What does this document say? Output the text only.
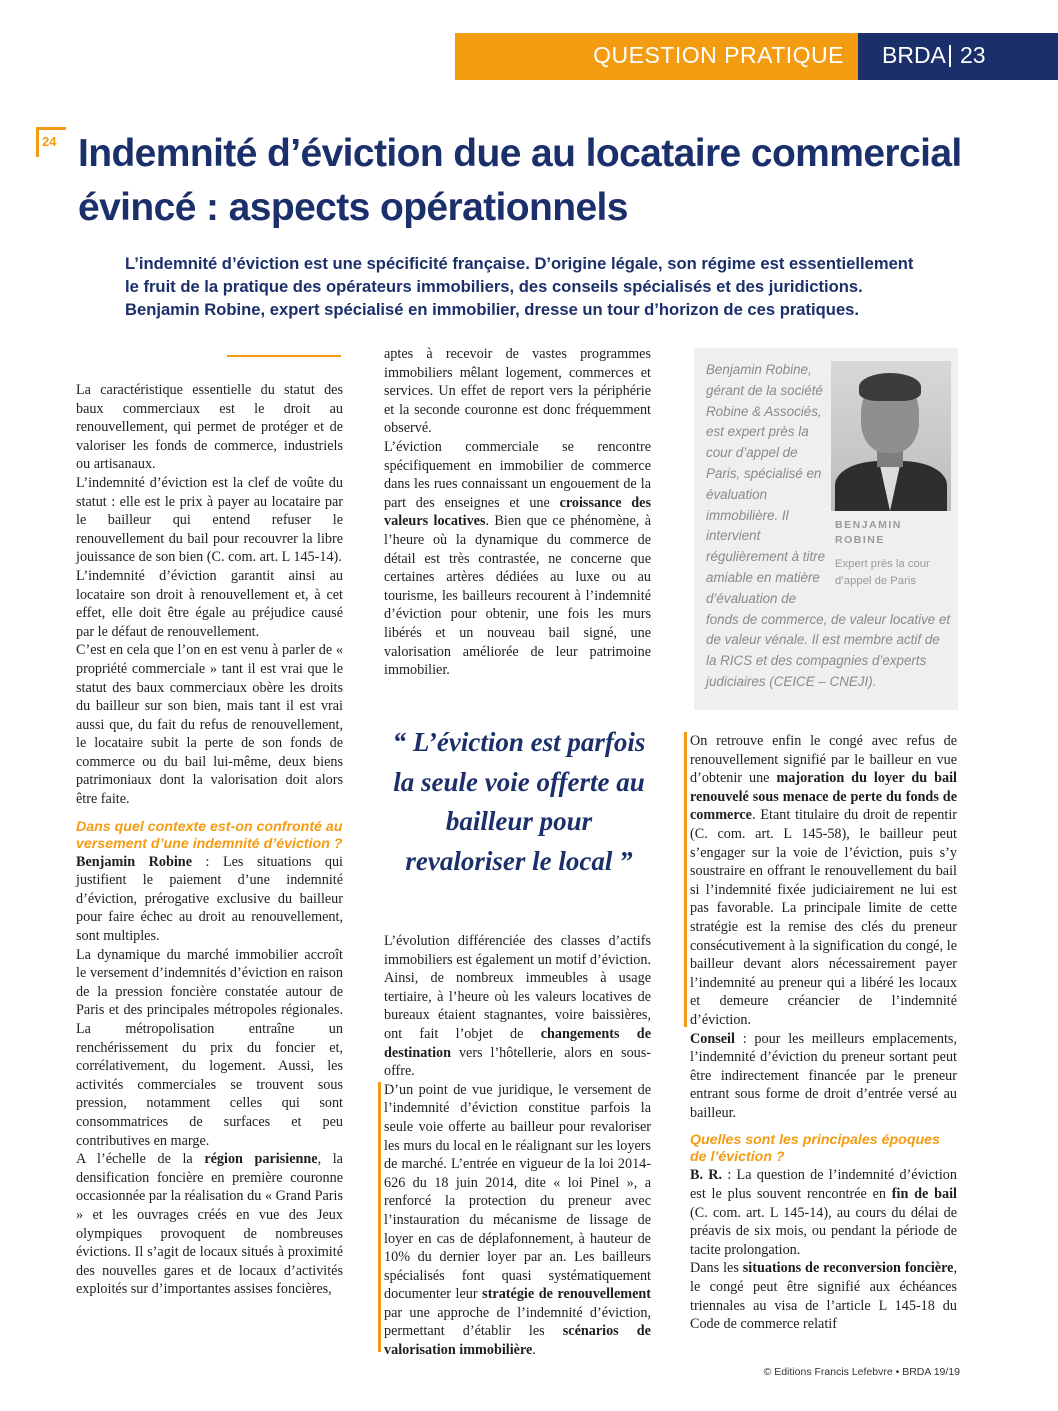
QUESTION PRATIQUE BRDA 23
24 Indemnité d’éviction due au locataire commercial évincé : aspects opérationnels

L’indemnité d’éviction est une spécificité française. D’origine légale, son régime est essentiellement le fruit de la pratique des opérateurs immobiliers, des conseils spécialisés et des juridictions. Benjamin Robine, expert spécialisé en immobilier, dresse un tour d’horizon de ces pratiques.

La caractéristique essentielle du statut des baux commerciaux est le droit au renouvellement, qui permet de protéger et de valoriser les fonds de commerce, industriels ou artisanaux.

L’indemnité d’éviction est la clef de voûte du statut : elle est le prix à payer au locataire par le bailleur qui entend refuser le renouvellement du bail pour recouvrer la libre jouissance de son bien (C. com. art. L 145-14).

L’indemnité d’éviction garantit ainsi au locataire son droit à renouvellement et, à cet effet, elle doit être égale au préjudice causé par le défaut de renouvellement.

C’est en cela que l’on en est venu à parler de « propriété commerciale » tant il est vrai que le statut des baux commerciaux obère les droits du bailleur sur son bien, mais tant il est vrai aussi que, du fait du refus de renouvellement, le locataire subit la perte de son fonds de commerce ou du bail lui-même, deux biens patrimoniaux dont la valorisation doit alors être faite.

Dans quel contexte est-on confronté au versement d’une indemnité d’éviction ?

Benjamin Robine : Les situations qui justifient le paiement d’une indemnité d’éviction, prérogative exclusive du bailleur pour faire échec au droit au renouvellement, sont multiples.

La dynamique du marché immobilier accroît le versement d’indemnités d’éviction en raison de la pression foncière constatée autour de Paris et des principales métropoles régionales. La métropolisation entraîne un renchérissement du prix du foncier et, corrélativement, du logement. Aussi, les activités commerciales se trouvent sous pression, notamment celles qui sont consommatrices de surfaces et peu contributives en marge.

A l’échelle de la région parisienne, la densification foncière en première couronne occasionnée par la réalisation du « Grand Paris » et les ouvrages créés en vue des Jeux olympiques provoquent de nombreuses évictions. Il s’agit de locaux situés à proximité des nouvelles gares et de locaux d’activités exploités sur d’importantes assises foncières,

aptes à recevoir de vastes programmes immobiliers mêlant logement, commerces et services. Un effet de report vers la périphérie et la seconde couronne est donc fréquemment observé.

L’éviction commerciale se rencontre spécifiquement en immobilier de commerce dans les rues connaissant un engouement de la part des enseignes et une croissance des valeurs locatives. Bien que ce phénomène, à l’heure où la dynamique du commerce de détail est très contrastée, ne concerne que certaines artères dédiées au luxe ou au tourisme, les bailleurs recourent à l’indemnité d’éviction pour obtenir, une fois les murs libérés et un nouveau bail signé, une valorisation améliorée de leur patrimoine immobilier.

“ L’éviction est parfois la seule voie offerte au bailleur pour revaloriser le local ”

L’évolution différenciée des classes d’actifs immobiliers est également un motif d’éviction. Ainsi, de nombreux immeubles à usage tertiaire, à l’heure où les valeurs locatives de bureaux étaient stagnantes, voire baissières, ont fait l’objet de changements de destination vers l’hôtellerie, alors en sous-offre.

D’un point de vue juridique, le versement de l’indemnité d’éviction constitue parfois la seule voie offerte au bailleur pour revaloriser les murs du local en le réalignant sur les loyers de marché. L’entrée en vigueur de la loi 2014-626 du 18 juin 2014, dite « loi Pinel », a renforcé la protection du preneur avec l’instauration du mécanisme de lissage de loyer en cas de déplafonnement, à hauteur de 10% du dernier loyer par an. Les bailleurs spécialisés font quasi systématiquement documenter leur stratégie de renouvellement par une approche de l’indemnité d’éviction, permettant d’établir les scénarios de valorisation immobilière.

Benjamin Robine, gérant de la société Robine & Associés, est expert près la cour d’appel de Paris, spécialisé en évaluation immobilière. Il intervient régulièrement à titre amiable en matière d’évaluation de
fonds de commerce, de valeur locative et de valeur vénale. Il est membre actif de la RICS et des compagnies d’experts judiciaires (CEICE – CNEJI).
BENJAMIN ROBINE
Expert près la cour d’appel de Paris

On retrouve enfin le congé avec refus de renouvellement signifié par le bailleur en vue d’obtenir une majoration du loyer du bail renouvelé sous menace de perte du fonds de commerce. Etant titulaire du droit de repentir (C. com. art. L 145-58), le bailleur peut s’engager sur la voie de l’éviction, puis s’y soustraire en offrant le renouvellement du bail si l’indemnité fixée judiciairement ne lui est pas favorable. La principale limite de cette stratégie est la remise des clés du preneur consécutivement à la signification du congé, le bailleur devant alors nécessairement payer l’indemnité au preneur qui a libéré les locaux et demeure créancier de l’indemnité d’éviction.

Conseil : pour les meilleurs emplacements, l’indemnité d’éviction du preneur sortant peut être indirectement financée par le preneur entrant sous forme de droit d’entrée versé au bailleur.

Quelles sont les principales époques de l’éviction ?

B. R. : La question de l’indemnité d’éviction est le plus souvent rencontrée en fin de bail (C. com. art. L 145-14), au cours du délai de préavis de six mois, ou pendant la période de tacite prolongation.

Dans les situations de reconversion foncière, le congé peut être signifié aux échéances triennales au visa de l’article L 145-18 du Code de commerce relatif

© Editions Francis Lefebvre • BRDA 19/19
